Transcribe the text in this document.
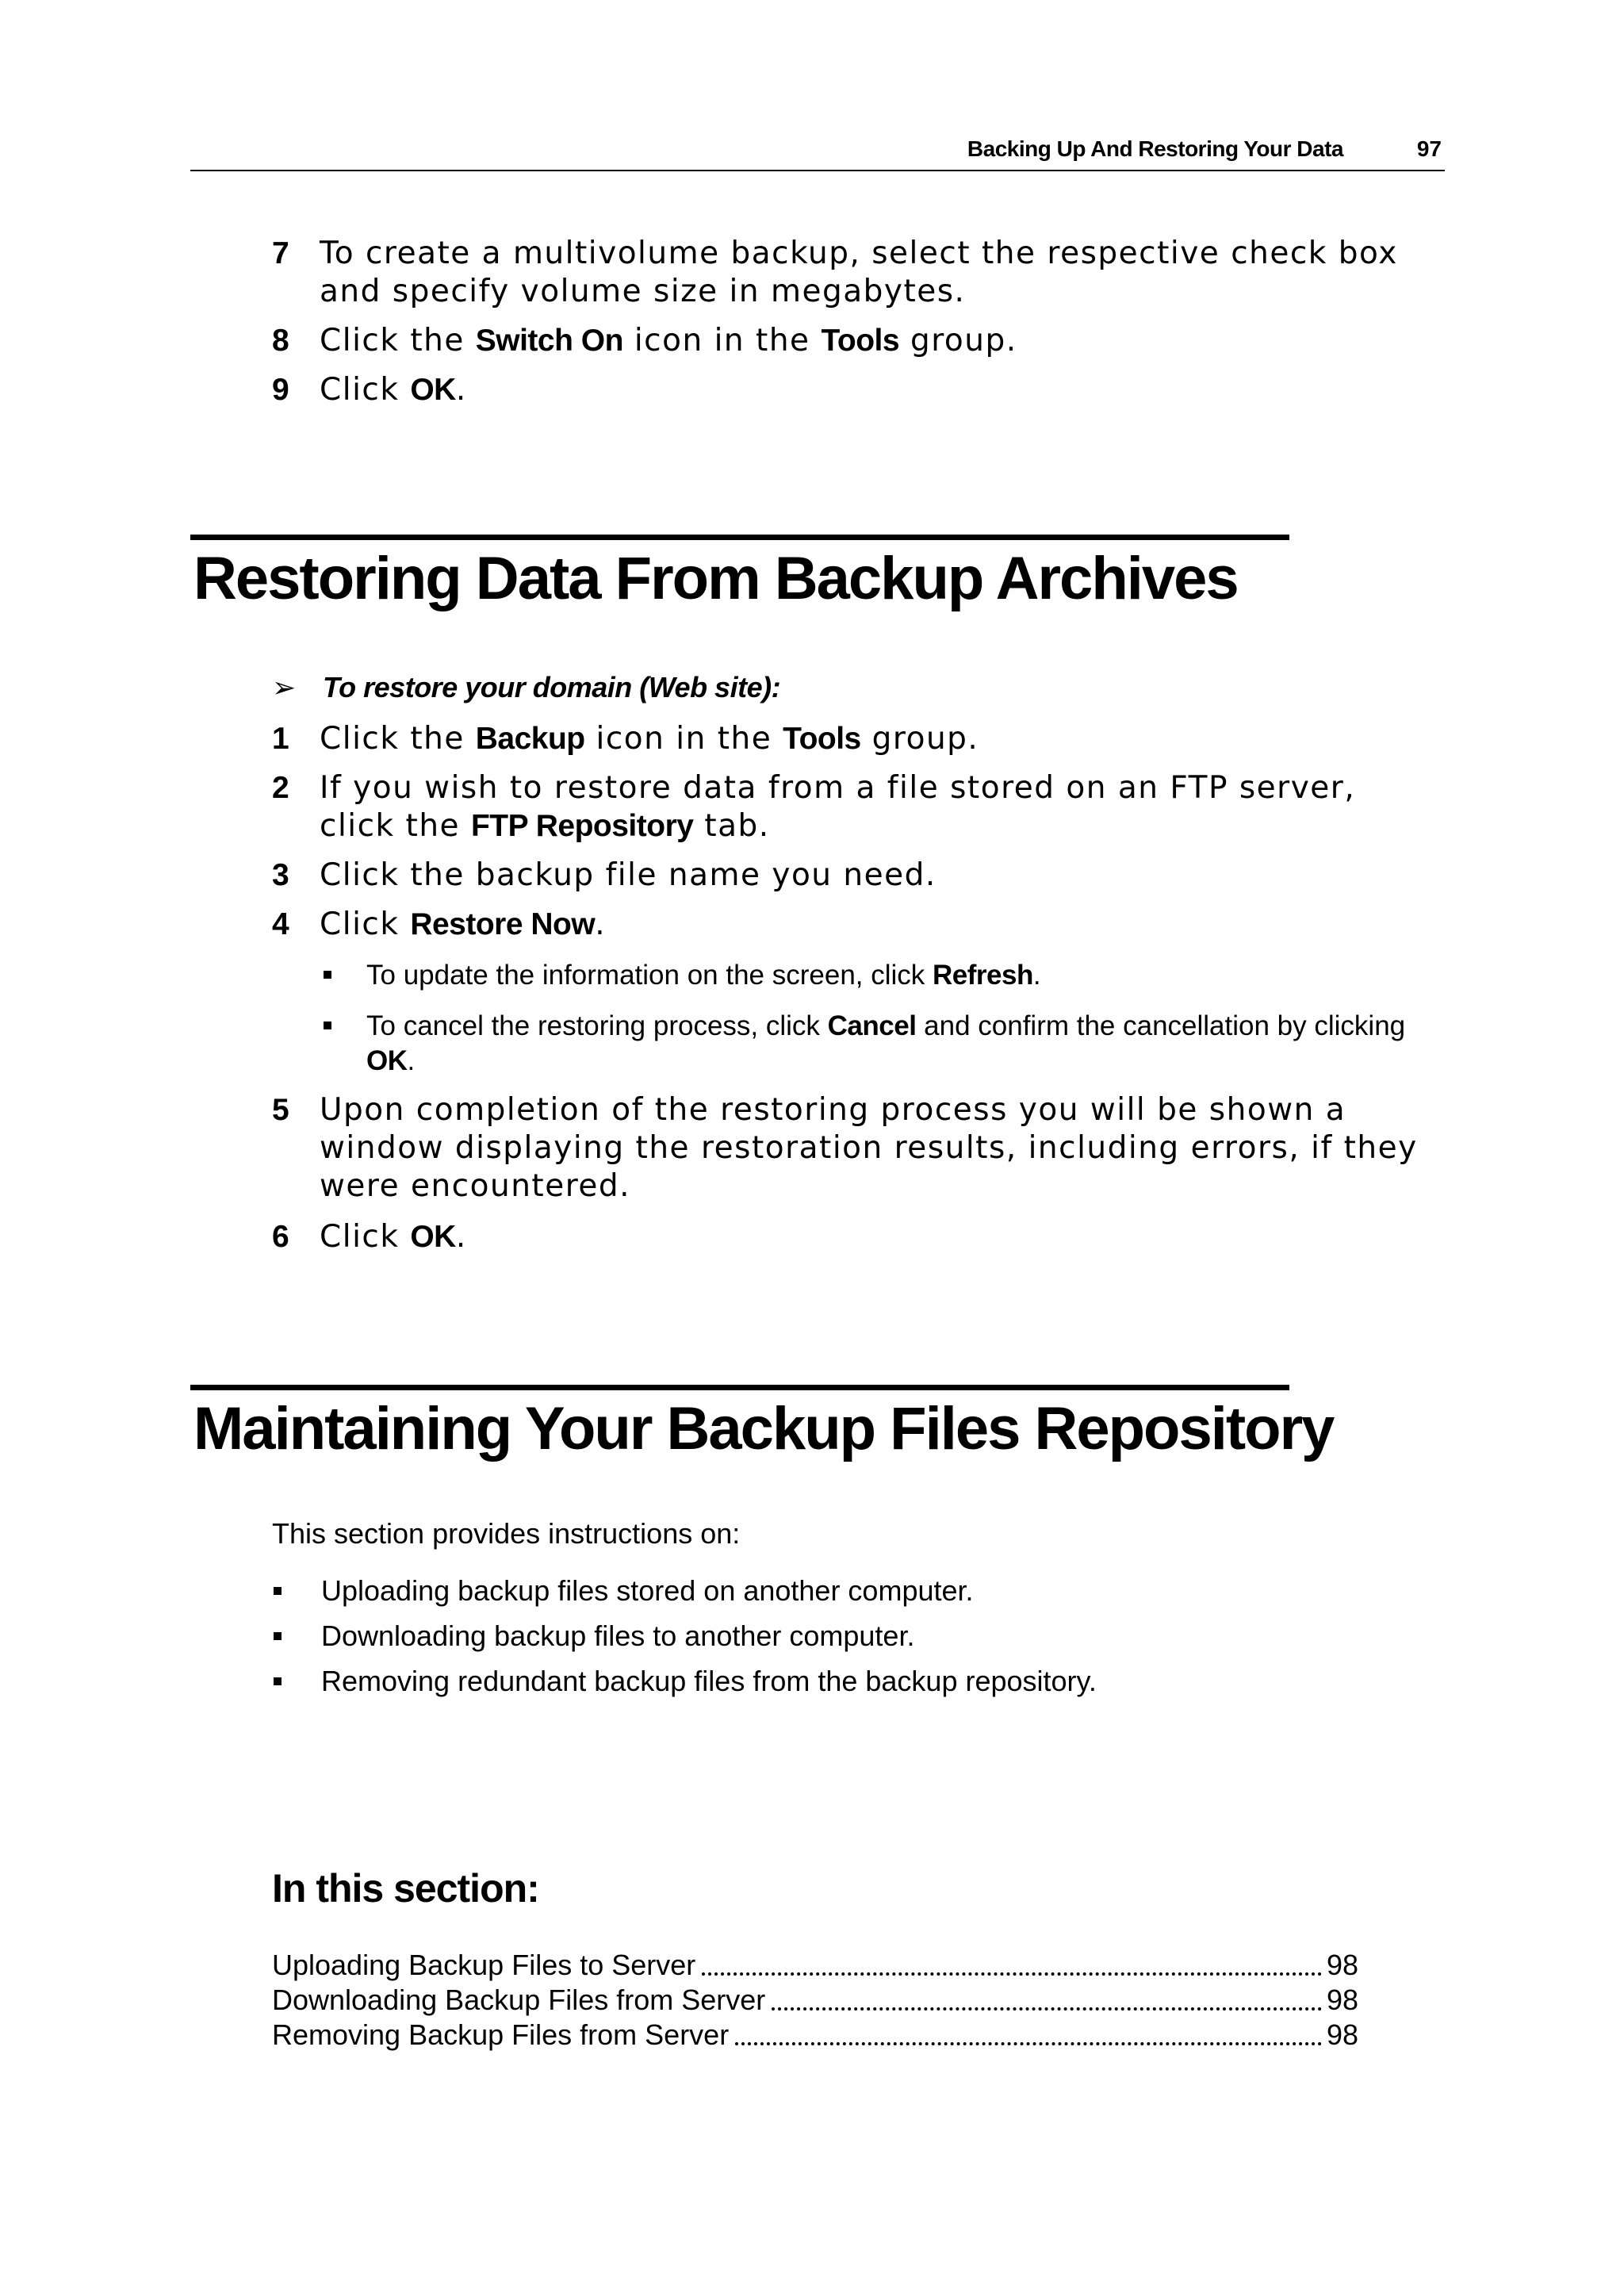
Backing Up And Restoring Your Data	97
7 To create a multivolume backup, select the respective check box and specify volume size in megabytes.
8 Click the Switch On icon in the Tools group.
9 Click OK.
Restoring Data From Backup Archives
➢ To restore your domain (Web site):
1 Click the Backup icon in the Tools group.
2 If you wish to restore data from a file stored on an FTP server, click the FTP Repository tab.
3 Click the backup file name you need.
4 Click Restore Now.
To update the information on the screen, click Refresh.
To cancel the restoring process, click Cancel and confirm the cancellation by clicking OK.
5 Upon completion of the restoring process you will be shown a window displaying the restoration results, including errors, if they were encountered.
6 Click OK.
Maintaining Your Backup Files Repository
This section provides instructions on:
Uploading backup files stored on another computer.
Downloading backup files to another computer.
Removing redundant backup files from the backup repository.
In this section:
Uploading Backup Files to Server	98
Downloading Backup Files from Server	98
Removing Backup Files from Server	98
